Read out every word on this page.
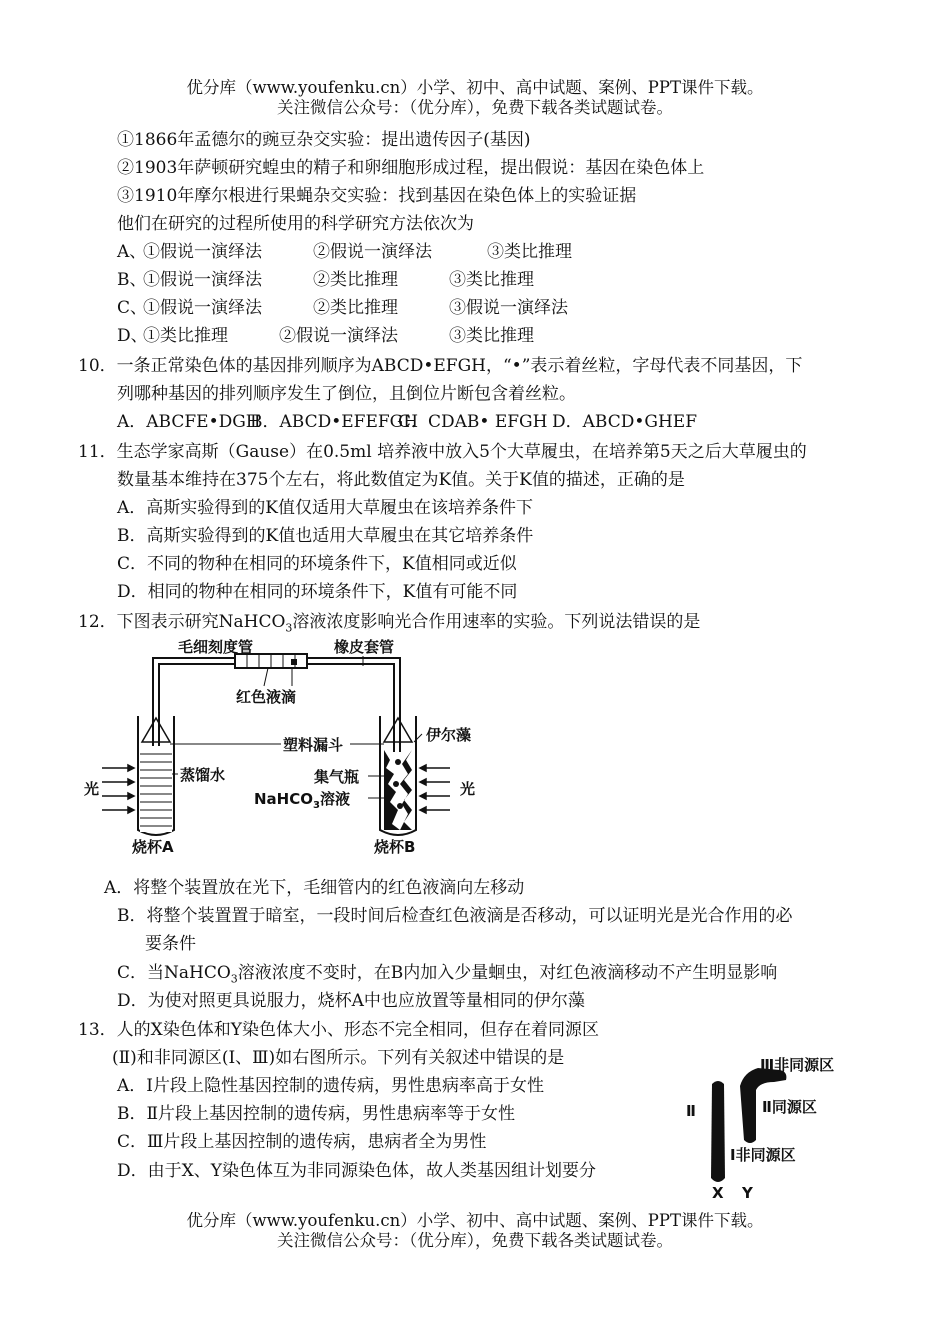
优分库（www.youfenku.cn）小学、初中、高中试题、案例、PPT课件下载。
关注微信公众号：（优分库），免费下载各类试题试卷。
①1866年孟德尔的豌豆杂交实验：提出遗传因子(基因)
②1903年萨顿研究蝗虫的精子和卵细胞形成过程，提出假说：基因在染色体上
③1910年摩尔根进行果蝇杂交实验：找到基因在染色体上的实验证据
他们在研究的过程所使用的科学研究方法依次为
A、①假说一演绎法	②假说一演绎法	③类比推理
B、①假说一演绎法	②类比推理	③类比推理
C、①假说一演绎法	②类比推理	③假说一演绎法
D、①类比推理	②假说一演绎法	③类比推理
10．一条正常染色体的基因排列顺序为ABCD•EFGH，“•”表示着丝粒，字母代表不同基因，下
列哪种基因的排列顺序发生了倒位，且倒位片断包含着丝粒。
A．ABCFE•DGHB．ABCD•EFEFGHC．CDAB• EFGH D．ABCD•GHEF
11．生态学家高斯（Gause）在0.5ml 培养液中放入5个大草履虫，在培养第5天之后大草履虫的
数量基本维持在375个左右，将此数值定为K值。关于K值的描述，正确的是
A．高斯实验得到的K值仅适用大草履虫在该培养条件下
B．高斯实验得到的K值也适用大草履虫在其它培养条件
C．不同的物种在相同的环境条件下，K值相同或近似
D．相同的物种在相同的环境条件下，K值有可能不同
12．下图表示研究NaHCO$_3$溶液浓度影响光合作用速率的实验。下列说法错误的是
毛细刻度管	橡皮套管
红色液滴
塑料漏斗
伊尔藻
光	光
蒸馏水	集气瓶
NaHCO$_3$溶液
烧杯A	烧杯B
A．将整个装置放在光下，毛细管内的红色液滴向左移动
B．将整个装置置于暗室，一段时间后检查红色液滴是否移动，可以证明光是光合作用的必
要条件
C．当NaHCO$_3$溶液浓度不变时，在B内加入少量蛔虫，对红色液滴移动不产生明显影响
D．为使对照更具说服力，烧杯A中也应放置等量相同的伊尔藻
13．人的X染色体和Y染色体大小、形态不完全相同，但存在着同源区
(Ⅱ)和非同源区(Ⅰ、Ⅲ)如右图所示。下列有关叙述中错误的是
A．Ⅰ片段上隐性基因控制的遗传病，男性患病率高于女性
B．Ⅱ片段上基因控制的遗传病，男性患病率等于女性
C．Ⅲ片段上基因控制的遗传病，患病者全为男性
D．由于X、Y染色体互为非同源染色体，故人类基因组计划要分
Ⅲ非同源区
Ⅱ同源区
Ⅰ非同源区
Ⅱ
X Y
优分库（www.youfenku.cn）小学、初中、高中试题、案例、PPT课件下载。
关注微信公众号：（优分库），免费下载各类试题试卷。
